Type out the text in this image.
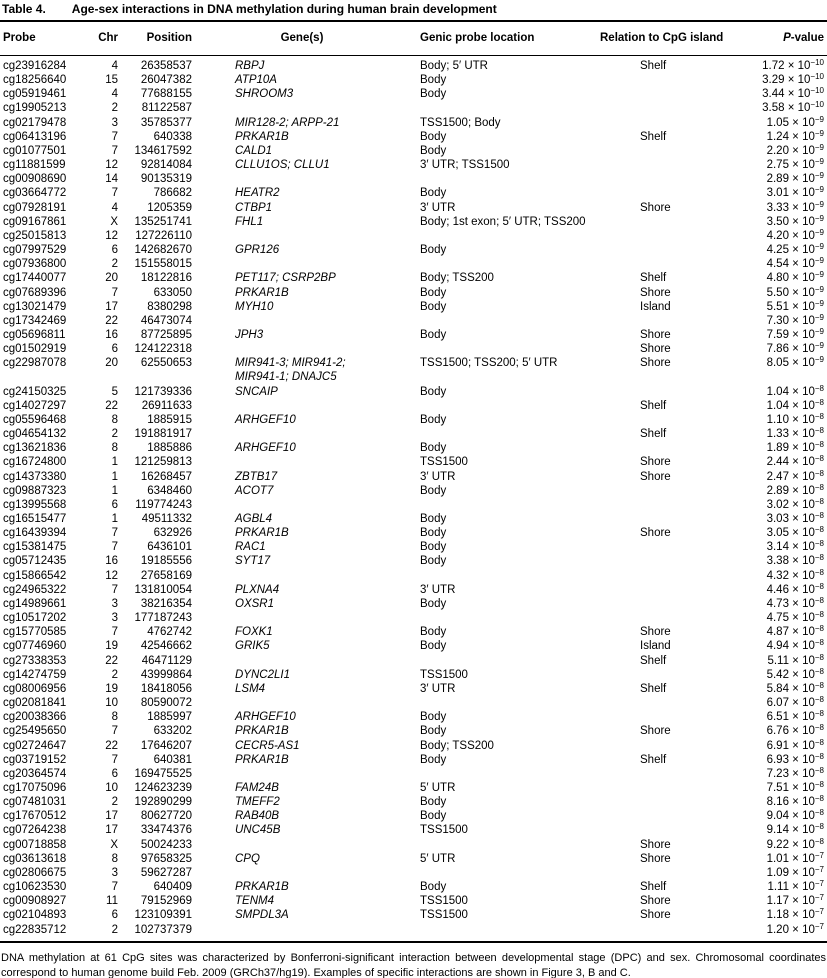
Table 4. Age-sex interactions in DNA methylation during human brain development
Probe	Chr	Position	Gene(s)	Genic probe location	Relation to CpG island	P-value

cg23916284	4	26358537	RBPJ	Body; 5′ UTR	Shelf	$1.72 \times 10^{-10}$
cg18256640	15	26047382	ATP10A	Body		$3.29 \times 10^{-10}$
cg05919461	4	77688155	SHROOM3	Body		$3.44 \times 10^{-10}$
cg19905213	2	81122587				$3.58 \times 10^{-10}$
cg02179478	3	35785377	MIR128-2; ARPP-21	TSS1500; Body		$1.05 \times 10^{-9}$
cg06413196	7	640338	PRKAR1B	Body	Shelf	$1.24 \times 10^{-9}$
cg01077501	7	134617592	CALD1	Body		$2.20 \times 10^{-9}$
cg11881599	12	92814084	CLLU1OS; CLLU1	3′ UTR; TSS1500		$2.75 \times 10^{-9}$
cg00908690	14	90135319				$2.89 \times 10^{-9}$
cg03664772	7	786682	HEATR2	Body		$3.01 \times 10^{-9}$
cg07928191	4	1205359	CTBP1	3′ UTR	Shore	$3.33 \times 10^{-9}$
cg09167861	X	135251741	FHL1	Body; 1st exon; 5′ UTR; TSS200		$3.50 \times 10^{-9}$
cg25015813	12	127226110				$4.20 \times 10^{-9}$
cg07997529	6	142682670	GPR126	Body		$4.25 \times 10^{-9}$
cg07936800	2	151558015				$4.54 \times 10^{-9}$
cg17440077	20	18122816	PET117; CSRP2BP	Body; TSS200	Shelf	$4.80 \times 10^{-9}$
cg07689396	7	633050	PRKAR1B	Body	Shore	$5.50 \times 10^{-9}$
cg13021479	17	8380298	MYH10	Body	Island	$5.51 \times 10^{-9}$
cg17342469	22	46473074				$7.30 \times 10^{-9}$
cg05696811	16	87725895	JPH3	Body	Shore	$7.59 \times 10^{-9}$
cg01502919	6	124122318			Shore	$7.86 \times 10^{-9}$
cg22987078	20	62550653	MIR941-3; MIR941-2; MIR941-1; DNAJC5	TSS1500; TSS200; 5′ UTR	Shore	$8.05 \times 10^{-9}$
cg24150325	5	121739336	SNCAIP	Body		$1.04 \times 10^{-8}$
cg14027297	22	26911633			Shelf	$1.04 \times 10^{-8}$
cg05596468	8	1885915	ARHGEF10	Body		$1.10 \times 10^{-8}$
cg04654132	2	191881917			Shelf	$1.33 \times 10^{-8}$
cg13621836	8	1885886	ARHGEF10	Body		$1.89 \times 10^{-8}$
cg16724800	1	121259813		TSS1500	Shore	$2.44 \times 10^{-8}$
cg14373380	1	16268457	ZBTB17	3′ UTR	Shore	$2.47 \times 10^{-8}$
cg09887323	1	6348460	ACOT7	Body		$2.89 \times 10^{-8}$
cg13995568	6	119774243				$3.02 \times 10^{-8}$
cg16515477	1	49511332	AGBL4	Body		$3.03 \times 10^{-8}$
cg16439394	7	632926	PRKAR1B	Body	Shore	$3.05 \times 10^{-8}$
cg15381475	7	6436101	RAC1	Body		$3.14 \times 10^{-8}$
cg05712435	16	19185556	SYT17	Body		$3.38 \times 10^{-8}$
cg15866542	12	27658169				$4.32 \times 10^{-8}$
cg24965322	7	131810054	PLXNA4	3′ UTR		$4.46 \times 10^{-8}$
cg14989661	3	38216354	OXSR1	Body		$4.73 \times 10^{-8}$
cg10517202	3	177187243				$4.75 \times 10^{-8}$
cg15770585	7	4762742	FOXK1	Body	Shore	$4.87 \times 10^{-8}$
cg07746960	19	42546662	GRIK5	Body	Island	$4.94 \times 10^{-8}$
cg27338353	22	46471129			Shelf	$5.11 \times 10^{-8}$
cg14274759	2	43999864	DYNC2LI1	TSS1500		$5.42 \times 10^{-8}$
cg08006956	19	18418056	LSM4	3′ UTR	Shelf	$5.84 \times 10^{-8}$
cg02081841	10	80590072				$6.07 \times 10^{-8}$
cg20038366	8	1885997	ARHGEF10	Body		$6.51 \times 10^{-8}$
cg25495650	7	633202	PRKAR1B	Body	Shore	$6.76 \times 10^{-8}$
cg02724647	22	17646207	CECR5-AS1	Body; TSS200		$6.91 \times 10^{-8}$
cg03719152	7	640381	PRKAR1B	Body	Shelf	$6.93 \times 10^{-8}$
cg20364574	6	169475525				$7.23 \times 10^{-8}$
cg17075096	10	124623239	FAM24B	5′ UTR		$7.51 \times 10^{-8}$
cg07481031	2	192890299	TMEFF2	Body		$8.16 \times 10^{-8}$
cg17670512	17	80627720	RAB40B	Body		$9.04 \times 10^{-8}$
cg07264238	17	33474376	UNC45B	TSS1500		$9.14 \times 10^{-8}$
cg00718858	X	50024233			Shore	$9.22 \times 10^{-8}$
cg03613618	8	97658325	CPQ	5′ UTR	Shore	$1.01 \times 10^{-7}$
cg02806675	3	59627287				$1.09 \times 10^{-7}$
cg10623530	7	640409	PRKAR1B	Body	Shelf	$1.11 \times 10^{-7}$
cg00908927	11	79152969	TENM4	TSS1500	Shore	$1.17 \times 10^{-7}$
cg02104893	6	123109391	SMPDL3A	TSS1500	Shore	$1.18 \times 10^{-7}$
cg22835712	2	102737379				$1.20 \times 10^{-7}$
DNA methylation at 61 CpG sites was characterized by Bonferroni-significant interaction between developmental stage (DPC) and sex. Chromosomal coordinates correspond to human genome build Feb. 2009 (GRCh37/hg19). Examples of specific interactions are shown in Figure 3, B and C.
